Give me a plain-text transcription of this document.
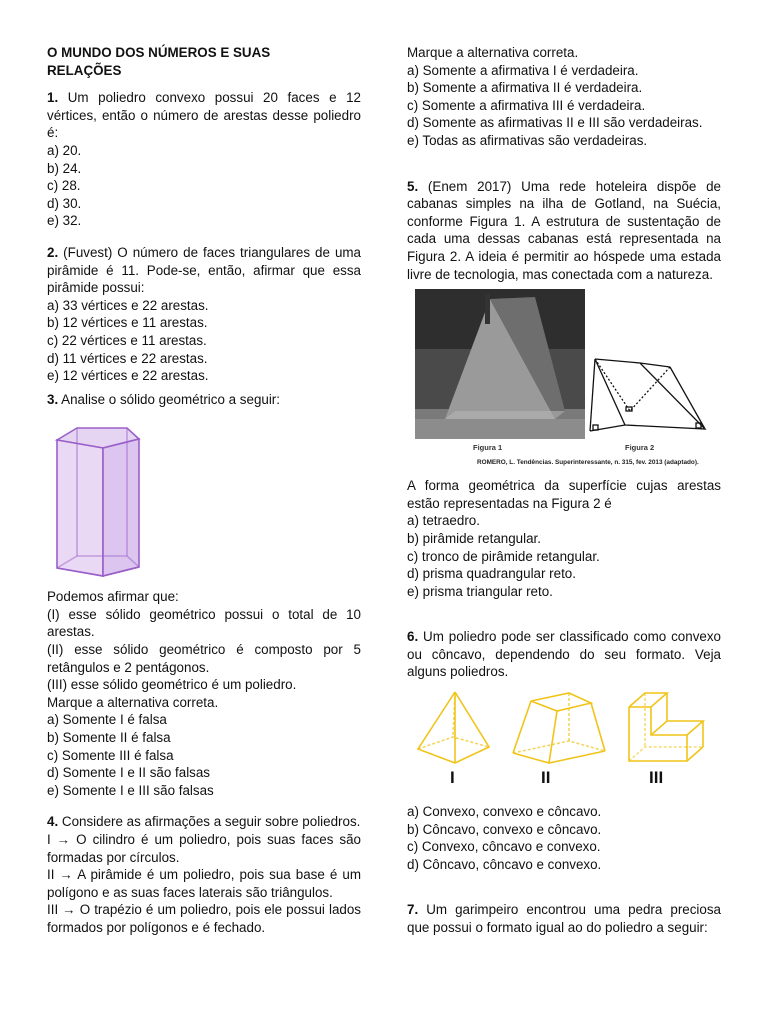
O MUNDO DOS NÚMEROS E SUAS

RELAÇÕES

1. Um poliedro convexo possui 20 faces e 12 vértices, então o número de arestas desse poliedro é:

a) 20.

b) 24.

c) 28.

d) 30.

e) 32.

2. (Fuvest) O número de faces triangulares de uma pirâmide é 11. Pode-se, então, afirmar que essa pirâmide possui:

a) 33 vértices e 22 arestas.

b) 12 vértices e 11 arestas.

c) 22 vértices e 11 arestas.

d) 11 vértices e 22 arestas.

e) 12 vértices e 22 arestas.

3. Analise o sólido geométrico a seguir:

Podemos afirmar que:

(I) esse sólido geométrico possui o total de 10 arestas.

(II) esse sólido geométrico é composto por 5 retângulos e 2 pentágonos.

(III) esse sólido geométrico é um poliedro.

Marque a alternativa correta.

a) Somente I é falsa

b) Somente II é falsa

c) Somente III é falsa

d) Somente I e II são falsas

e) Somente I e III são falsas

4. Considere as afirmações a seguir sobre poliedros.

I → O cilindro é um poliedro, pois suas faces são formadas por círculos.

II → A pirâmide é um poliedro, pois sua base é um polígono e as suas faces laterais são triângulos.

III → O trapézio é um poliedro, pois ele possui lados formados por polígonos e é fechado.

Marque a alternativa correta.

a) Somente a afirmativa I é verdadeira.

b) Somente a afirmativa II é verdadeira.

c) Somente a afirmativa III é verdadeira.

d) Somente as afirmativas II e III são verdadeiras.

e) Todas as afirmativas são verdadeiras.

5. (Enem 2017) Uma rede hoteleira dispõe de cabanas simples na ilha de Gotland, na Suécia, conforme Figura 1. A estrutura de sustentação de cada uma dessas cabanas está representada na Figura 2. A ideia é permitir ao hóspede uma estada livre de tecnologia, mas conectada com a natureza.

Figura 1	Figura 2

ROMERO, L. Tendências. Superinteressante, n. 315, fev. 2013 (adaptado).

A forma geométrica da superfície cujas arestas estão representadas na Figura 2 é

a) tetraedro.

b) pirâmide retangular.

c) tronco de pirâmide retangular.

d) prisma quadrangular reto.

e) prisma triangular reto.

6. Um poliedro pode ser classificado como convexo ou côncavo, dependendo do seu formato. Veja alguns poliedros.

I	II	III

a) Convexo, convexo e côncavo.

b) Côncavo, convexo e côncavo.

c) Convexo, côncavo e convexo.

d) Côncavo, côncavo e convexo.

7. Um garimpeiro encontrou uma pedra preciosa que possui o formato igual ao do poliedro a seguir:
